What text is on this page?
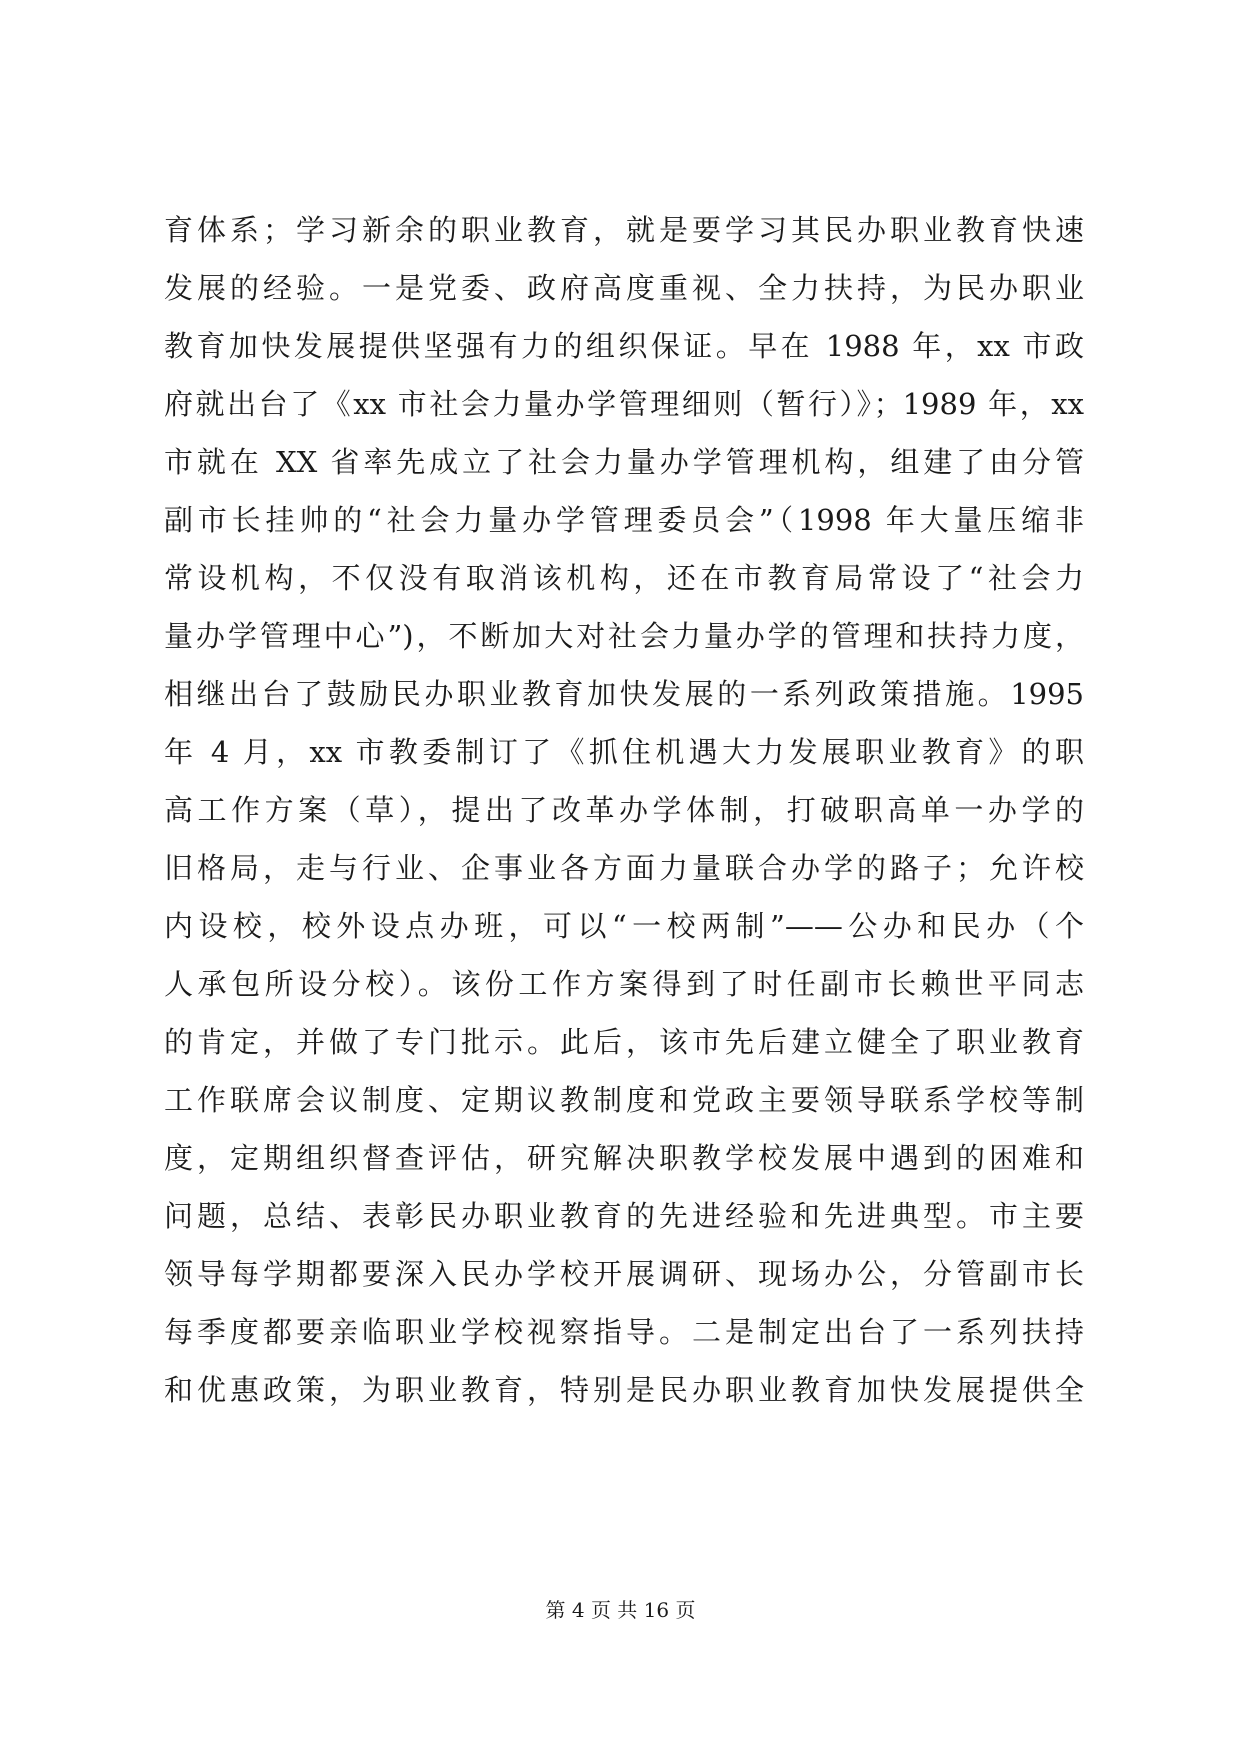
育体系；学习新余的职业教育，就是要学习其民办职业教育快速
发展的经验。一是党委、政府高度重视、全力扶持，为民办职业
教育加快发展提供坚强有力的组织保证。早在 1988 年，xx 市政
府就出台了《xx 市社会力量办学管理细则（暂行）》；1989 年，xx
市就在 XX 省率先成立了社会力量办学管理机构，组建了由分管
副市长挂帅的“社会力量办学管理委员会”（1998 年大量压缩非
常设机构，不仅没有取消该机构，还在市教育局常设了“社会力
量办学管理中心”)，不断加大对社会力量办学的管理和扶持力度，
相继出台了鼓励民办职业教育加快发展的一系列政策措施。1995
年 4 月，xx 市教委制订了《抓住机遇大力发展职业教育》的职
高工作方案（草），提出了改革办学体制，打破职高单一办学的
旧格局，走与行业、企事业各方面力量联合办学的路子；允许校
内设校，校外设点办班，可以“一校两制”——公办和民办（个
人承包所设分校）。该份工作方案得到了时任副市长赖世平同志
的肯定，并做了专门批示。此后，该市先后建立健全了职业教育
工作联席会议制度、定期议教制度和党政主要领导联系学校等制
度，定期组织督查评估，研究解决职教学校发展中遇到的困难和
问题，总结、表彰民办职业教育的先进经验和先进典型。市主要
领导每学期都要深入民办学校开展调研、现场办公，分管副市长
每季度都要亲临职业学校视察指导。二是制定出台了一系列扶持
和优惠政策，为职业教育，特别是民办职业教育加快发展提供全
第 4 页 共 16 页
